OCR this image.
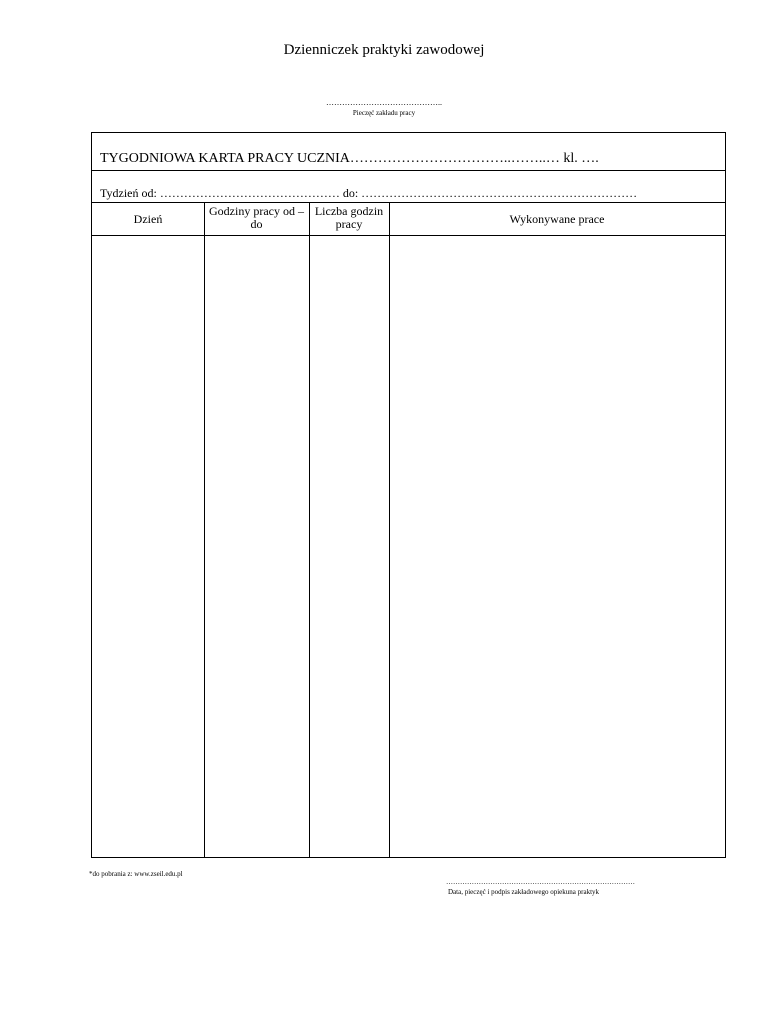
Dzienniczek praktyki zawodowej
……………………………………..
Pieczęć zakładu pracy
TYGODNIOWA KARTA PRACY UCZNIA……………………………..……..… kl. ….
Tydzień od: ……………………………………… do: ……………………………………………………………
Dzień
Godziny pracy od – do
Liczba godzin pracy	Wykonywane prace
*do pobrania z: www.zseil.edu.pl
………………………………………………………………………
Data, pieczęć i podpis zakładowego opiekuna praktyk
